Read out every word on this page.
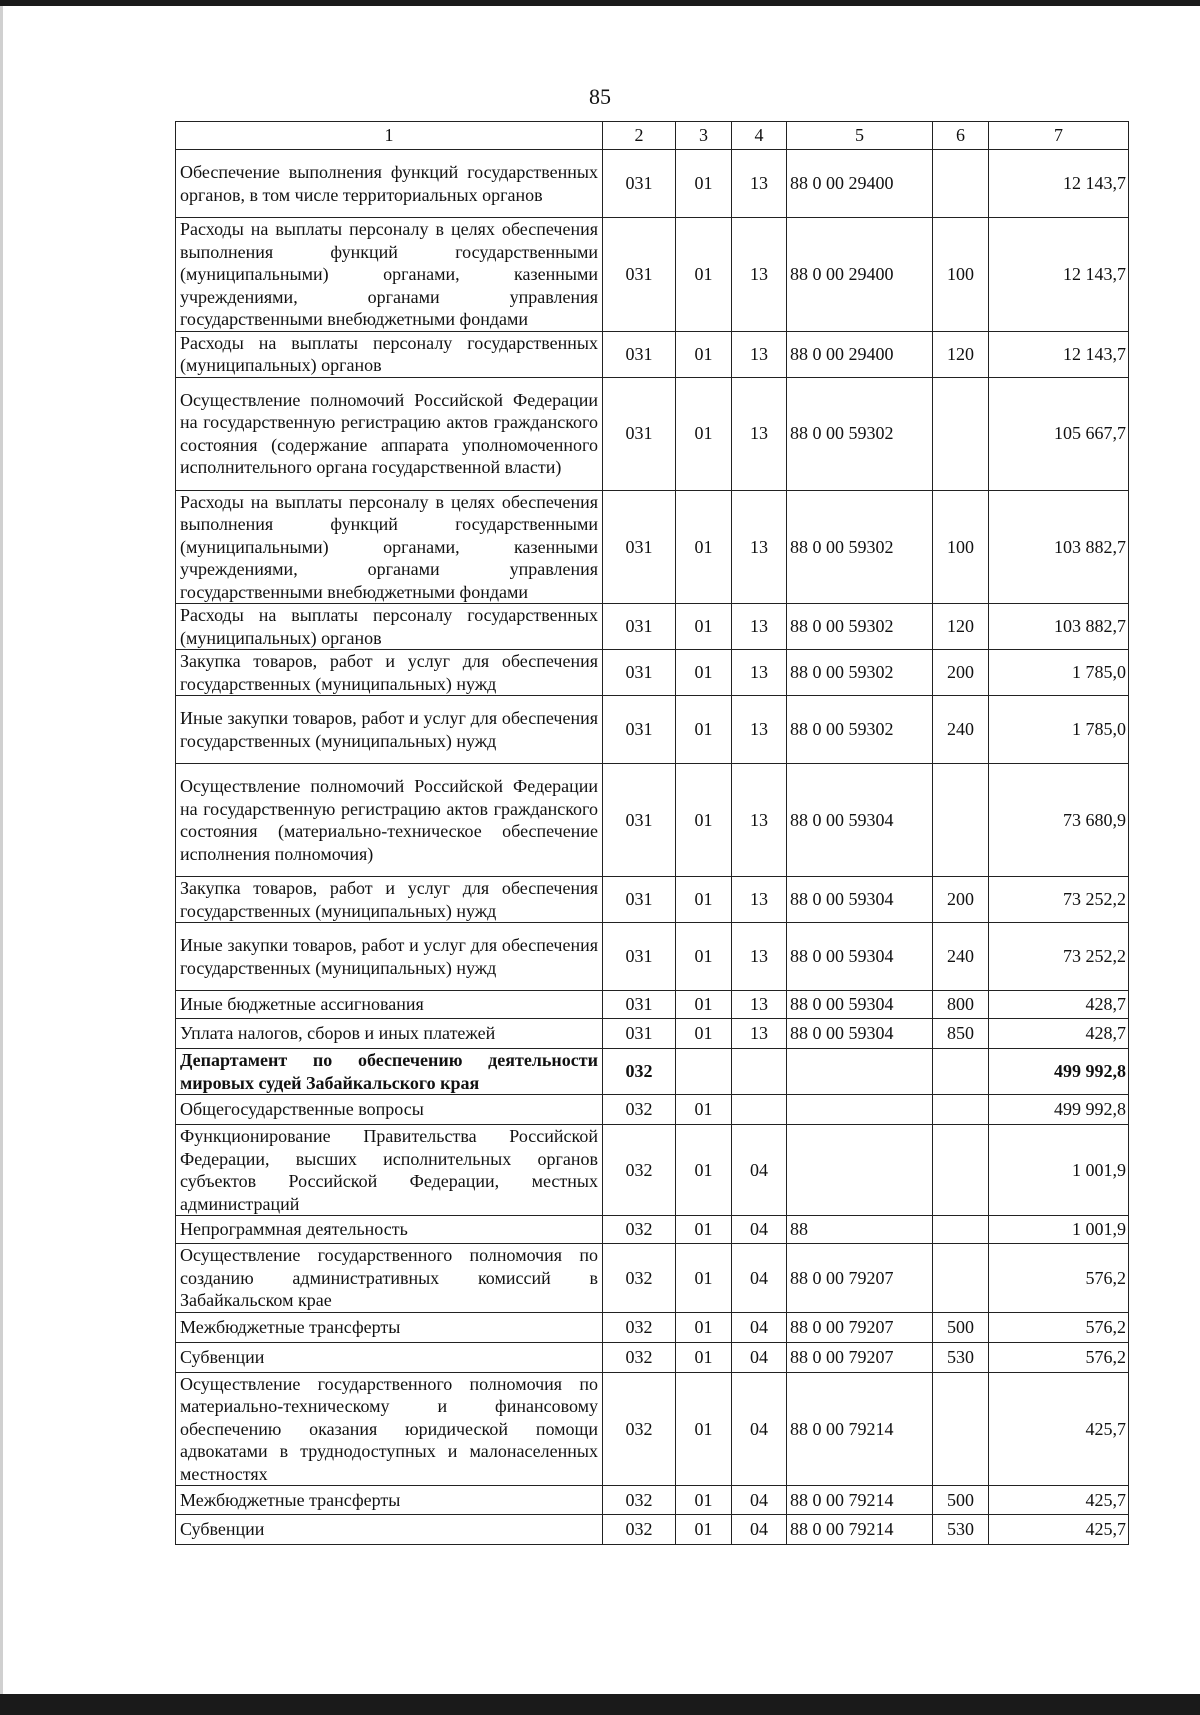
85
1	2	3	4	5	6	7
Обеспечение выполнения функций государственных органов, в том числе территориальных органов	031	01	13	88 0 00 29400		12 143,7
Расходы на выплаты персоналу в целях обеспечения выполнения функций государственными (муниципальными) органами, казенными учреждениями, органами управления государственными внебюджетными фондами	031	01	13	88 0 00 29400	100	12 143,7
Расходы на выплаты персоналу государственных (муниципальных) органов	031	01	13	88 0 00 29400	120	12 143,7
Осуществление полномочий Российской Федерации на государственную регистрацию актов гражданского состояния (содержание аппарата уполномоченного исполнительного органа государственной власти)	031	01	13	88 0 00 59302		105 667,7
Расходы на выплаты персоналу в целях обеспечения выполнения функций государственными (муниципальными) органами, казенными учреждениями, органами управления государственными внебюджетными фондами	031	01	13	88 0 00 59302	100	103 882,7
Расходы на выплаты персоналу государственных (муниципальных) органов	031	01	13	88 0 00 59302	120	103 882,7
Закупка товаров, работ и услуг для обеспечения государственных (муниципальных) нужд	031	01	13	88 0 00 59302	200	1 785,0
Иные закупки товаров, работ и услуг для обеспечения государственных (муниципальных) нужд	031	01	13	88 0 00 59302	240	1 785,0
Осуществление полномочий Российской Федерации на государственную регистрацию актов гражданского состояния (материально-техническое обеспечение исполнения полномочия)	031	01	13	88 0 00 59304		73 680,9
Закупка товаров, работ и услуг для обеспечения государственных (муниципальных) нужд	031	01	13	88 0 00 59304	200	73 252,2
Иные закупки товаров, работ и услуг для обеспечения государственных (муниципальных) нужд	031	01	13	88 0 00 59304	240	73 252,2
Иные бюджетные ассигнования	031	01	13	88 0 00 59304	800	428,7
Уплата налогов, сборов и иных платежей	031	01	13	88 0 00 59304	850	428,7
Департамент по обеспечению деятельности мировых судей Забайкальского края	032					499 992,8
Общегосударственные вопросы	032	01				499 992,8
Функционирование Правительства Российской Федерации, высших исполнительных органов субъектов Российской Федерации, местных администраций	032	01	04			1 001,9
Непрограммная деятельность	032	01	04	88		1 001,9
Осуществление государственного полномочия по созданию административных комиссий в Забайкальском крае	032	01	04	88 0 00 79207		576,2
Межбюджетные трансферты	032	01	04	88 0 00 79207	500	576,2
Субвенции	032	01	04	88 0 00 79207	530	576,2
Осуществление государственного полномочия по материально-техническому и финансовому обеспечению оказания юридической помощи адвокатами в труднодоступных и малонаселенных местностях	032	01	04	88 0 00 79214		425,7
Межбюджетные трансферты	032	01	04	88 0 00 79214	500	425,7
Субвенции	032	01	04	88 0 00 79214	530	425,7
